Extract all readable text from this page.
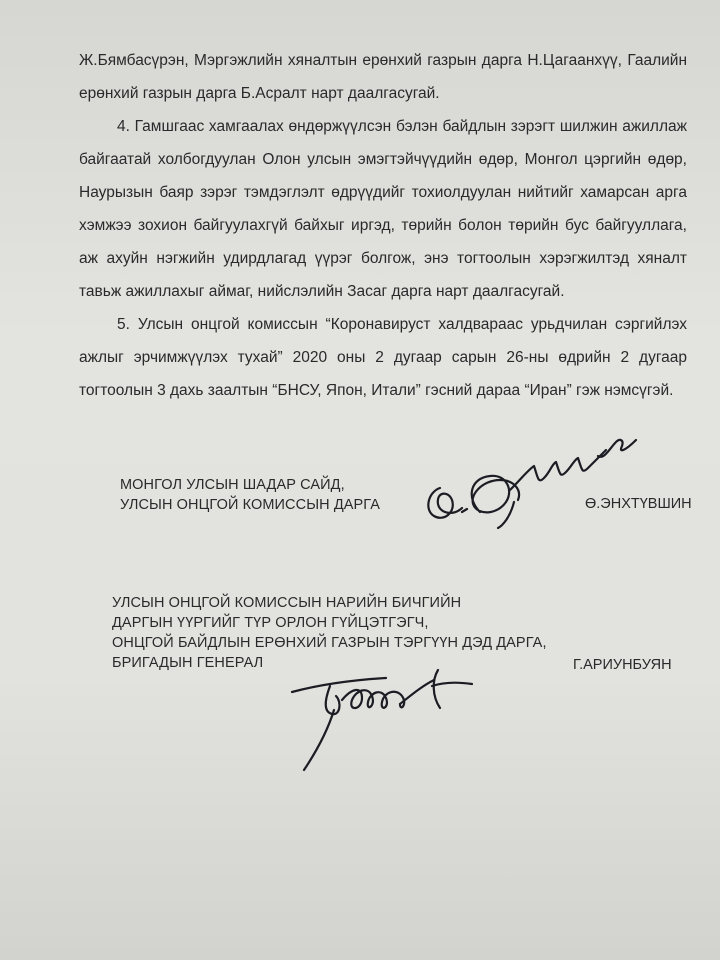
Ж.Бямбасүрэн, Мэргэжлийн хяналтын ерөнхий газрын дарга Н.Цагаанхүү, Гаалийн ерөнхий газрын дарга Б.Асралт нарт даалгасугай.

4. Гамшгаас хамгаалах өндөржүүлсэн бэлэн байдлын зэрэгт шилжин ажиллаж байгаатай холбогдуулан Олон улсын эмэгтэйчүүдийн өдөр, Монгол цэргийн өдөр, Наурызын баяр зэрэг тэмдэглэлт өдрүүдийг тохиолдуулан нийтийг хамарсан арга хэмжээ зохион байгуулахгүй байхыг иргэд, төрийн болон төрийн бус байгууллага, аж ахуйн нэгжийн удирдлагад үүрэг болгож, энэ тогтоолын хэрэгжилтэд хяналт тавьж ажиллахыг аймаг, нийслэлийн Засаг дарга нарт даалгасугай.

5. Улсын онцгой комиссын “Коронавируст халдвараас урьдчилан сэргийлэх ажлыг эрчимжүүлэх тухай” 2020 оны 2 дугаар сарын 26-ны өдрийн 2 дугаар тогтоолын 3 дахь заалтын “БНСУ, Япон, Итали” гэсний дараа “Иран” гэж нэмсүгэй.

МОНГОЛ УЛСЫН ШАДАР САЙД,
УЛСЫН ОНЦГОЙ КОМИССЫН ДАРГА	Ө.ЭНХТҮВШИН
УЛСЫН ОНЦГОЙ КОМИССЫН НАРИЙН БИЧГИЙН
ДАРГЫН ҮҮРГИЙГ ТҮР ОРЛОН ГҮЙЦЭТГЭГЧ,
ОНЦГОЙ БАЙДЛЫН ЕРӨНХИЙ ГАЗРЫН ТЭРГҮҮН ДЭД ДАРГА,
БРИГАДЫН ГЕНЕРАЛ	Г.АРИУНБУЯН
